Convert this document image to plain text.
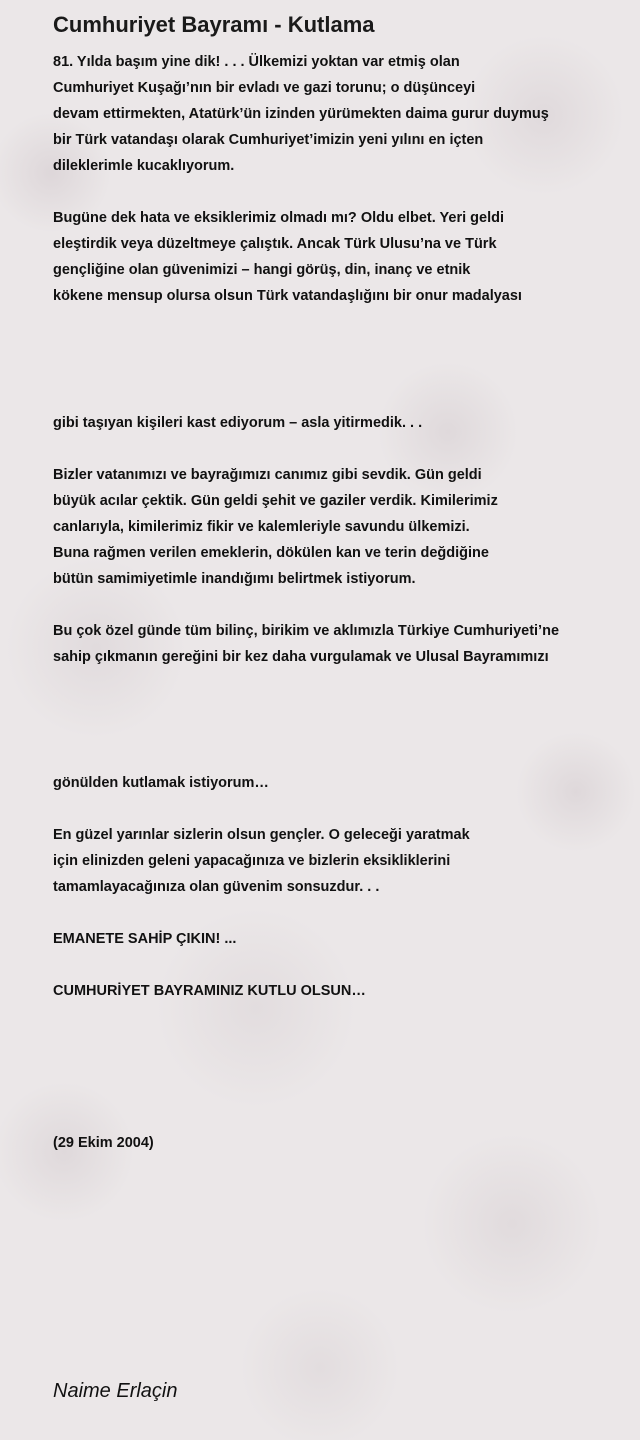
Cumhuriyet Bayramı - Kutlama

81. Yılda başım yine dik! . . . Ülkemizi yoktan var etmiş olan

Cumhuriyet Kuşağı’nın bir evladı ve gazi torunu; o düşünceyi

devam ettirmekten, Atatürk’ün izinden yürümekten daima gurur duymuş

bir Türk vatandaşı olarak Cumhuriyet’imizin yeni yılını en içten

dileklerimle kucaklıyorum.

Bugüne dek hata ve eksiklerimiz olmadı mı? Oldu elbet. Yeri geldi

eleştirdik veya düzeltmeye çalıştık. Ancak Türk Ulusu’na ve Türk

gençliğine olan güvenimizi – hangi görüş, din, inanç ve etnik

kökene mensup olursa olsun Türk vatandaşlığını bir onur madalyası

gibi taşıyan kişileri kast ediyorum – asla yitirmedik. . .

Bizler vatanımızı ve bayrağımızı canımız gibi sevdik. Gün geldi

büyük acılar çektik. Gün geldi şehit ve gaziler verdik. Kimilerimiz

canlarıyla, kimilerimiz fikir ve kalemleriyle savundu ülkemizi.

Buna rağmen verilen emeklerin, dökülen kan ve terin değdiğine

bütün samimiyetimle inandığımı belirtmek istiyorum.

Bu çok özel günde tüm bilinç, birikim ve aklımızla Türkiye Cumhuriyeti’ne

sahip çıkmanın gereğini bir kez daha vurgulamak ve Ulusal Bayramımızı

gönülden kutlamak istiyorum…

En güzel yarınlar sizlerin olsun gençler. O geleceği yaratmak

için elinizden geleni yapacağınıza ve bizlerin eksikliklerini

tamamlayacağınıza olan güvenim sonsuzdur. . .

EMANETE SAHİP ÇIKIN! ...

CUMHURİYET BAYRAMINIZ KUTLU OLSUN…

(29 Ekim 2004)

Naime Erlaçin
